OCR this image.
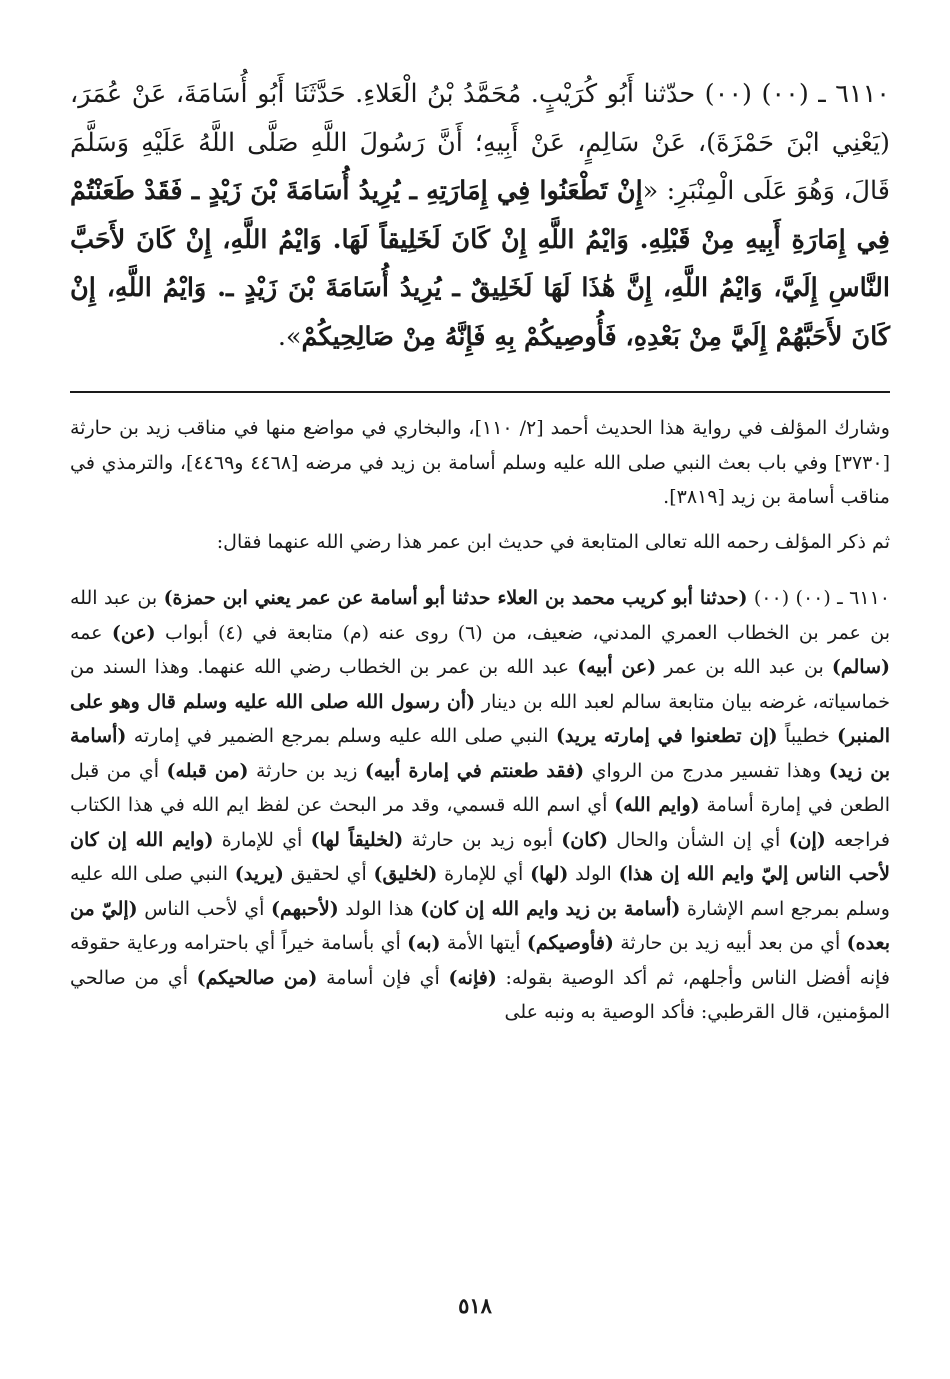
٦١١٠ ـ (٠٠) (٠٠) حدّثنا أَبُو كُرَيْبٍ. مُحَمَّدُ بْنُ الْعَلاءِ. حَدَّثَنَا أَبُو أُسَامَةَ، عَنْ عُمَرَ، (يَعْنِي ابْنَ حَمْزَةَ)، عَنْ سَالِمٍ، عَنْ أَبِيهِ؛ أَنَّ رَسُولَ اللَّهِ صَلَّى اللَّهُ عَلَيْهِ وَسَلَّمَ قَالَ، وَهُوَ عَلَى الْمِنْبَرِ: «إِنْ تَطْعَنُوا فِي إِمَارَتِهِ ـ يُرِيدُ أُسَامَةَ بْنَ زَيْدٍ ـ فَقَدْ طَعَنْتُمْ فِي إِمَارَةِ أَبِيهِ مِنْ قَبْلِهِ. وَايْمُ اللَّهِ إِنْ كَانَ لَخَلِيقاً لَهَا. وَايْمُ اللَّهِ، إِنْ كَانَ لأَحَبَّ النَّاسِ إِلَيَّ، وَايْمُ اللَّهِ، إِنَّ هَٰذَا لَهَا لَخَلِيقٌ ـ يُرِيدُ أُسَامَةَ بْنَ زَيْدٍ ـ. وَايْمُ اللَّهِ، إِنْ كَانَ لأَحَبَّهُمْ إِلَيَّ مِنْ بَعْدِهِ، فَأُوصِيكُمْ بِهِ فَإِنَّهُ مِنْ صَالِحِيكُمْ».

وشارك المؤلف في رواية هذا الحديث أحمد [٢/ ١١٠]، والبخاري في مواضع منها في مناقب زيد بن حارثة [٣٧٣٠] وفي باب بعث النبي صلى الله عليه وسلم أسامة بن زيد في مرضه [٤٤٦٨ و٤٤٦٩]، والترمذي في مناقب أسامة بن زيد [٣٨١٩].

ثم ذكر المؤلف رحمه الله تعالى المتابعة في حديث ابن عمر هذا رضي الله عنهما فقال:

٦١١٠ ـ (٠٠) (٠٠) (حدثنا أبو كريب محمد بن العلاء حدثنا أبو أسامة عن عمر يعني ابن حمزة) بن عبد الله بن عمر بن الخطاب العمري المدني، ضعيف، من (٦) روى عنه (م) متابعة في (٤) أبواب (عن) عمه (سالم) بن عبد الله بن عمر (عن أبيه) عبد الله بن عمر بن الخطاب رضي الله عنهما. وهذا السند من خماسياته، غرضه بيان متابعة سالم لعبد الله بن دينار (أن رسول الله صلى الله عليه وسلم قال وهو على المنبر) خطيباً (إن تطعنوا في إمارته يريد) النبي صلى الله عليه وسلم بمرجع الضمير في إمارته (أسامة بن زيد) وهذا تفسير مدرج من الرواي (فقد طعنتم في إمارة أبيه) زيد بن حارثة (من قبله) أي من قبل الطعن في إمارة أسامة (وايم الله) أي اسم الله قسمي، وقد مر البحث عن لفظ ايم الله في هذا الكتاب فراجعه (إن) أي إن الشأن والحال (كان) أبوه زيد بن حارثة (لخليقاً لها) أي للإمارة (وايم الله إن كان لأحب الناس إليّ وايم الله إن هذا) الولد (لها) أي للإمارة (لخليق) أي لحقيق (يريد) النبي صلى الله عليه وسلم بمرجع اسم الإشارة (أسامة بن زيد وايم الله إن كان) هذا الولد (لأحبهم) أي لأحب الناس (إليّ من بعده) أي من بعد أبيه زيد بن حارثة (فأوصيكم) أيتها الأمة (به) أي بأسامة خيراً أي باحترامه ورعاية حقوقه فإنه أفضل الناس وأجلهم، ثم أكد الوصية بقوله: (فإنه) أي فإن أسامة (من صالحيكم) أي من صالحي المؤمنين، قال القرطبي: فأكد الوصية به ونبه على

٥١٨
